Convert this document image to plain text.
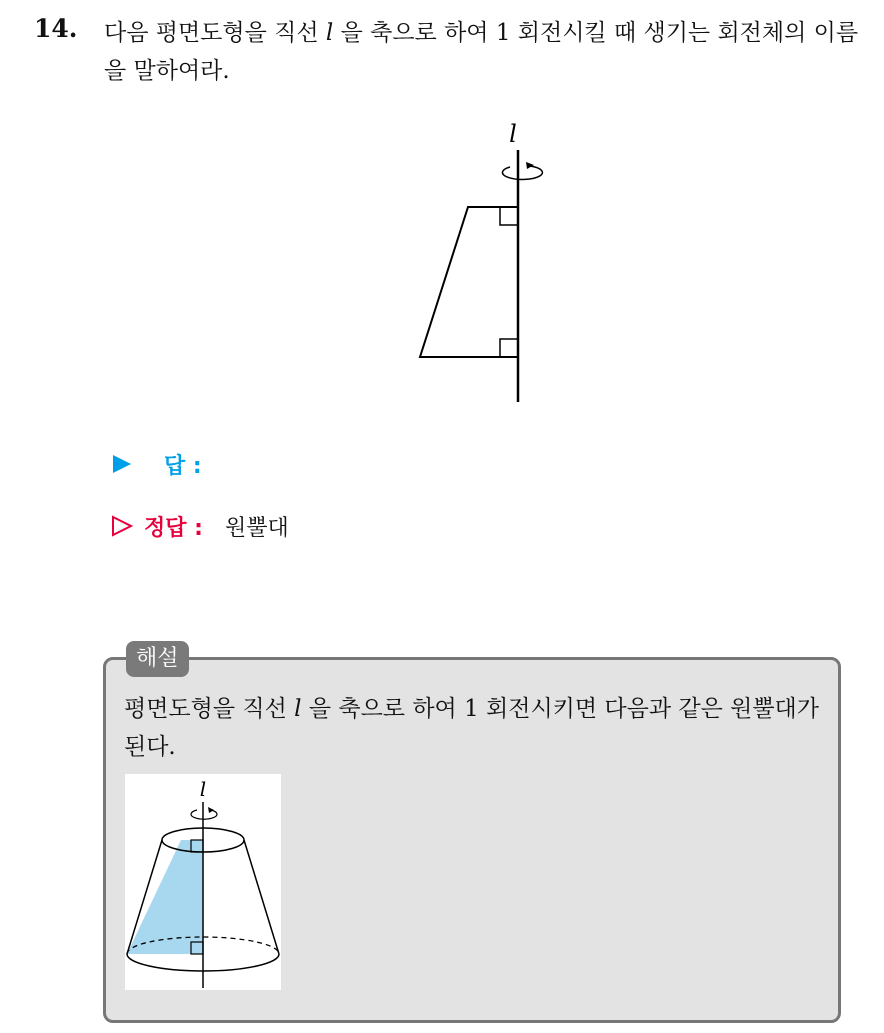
14. 다음 평면도형을 직선 l 을 축으로 하여 1 회전시킬 때 생기는 회전체의 이름을 말하여라.
l
답 :
정답 : 원뿔대
해설
평면도형을 직선 l 을 축으로 하여 1 회전시키면 다음과 같은 원뿔대가 된다.
l
